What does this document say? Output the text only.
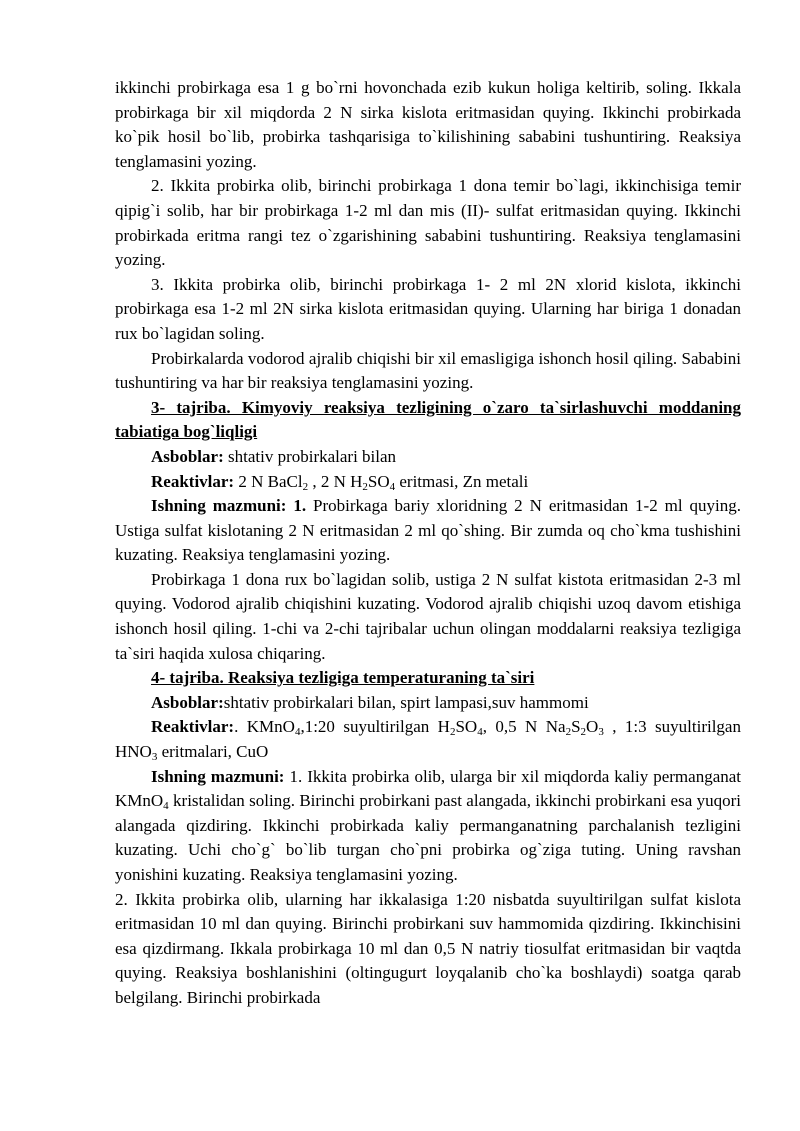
ikkinchi probirkaga esa 1 g bo`rni hovonchada ezib kukun holiga keltirib, soling. Ikkala probirkaga bir xil miqdorda 2 N sirka kislota eritmasidan quying. Ikkinchi probirkada ko`pik hosil bo`lib, probirka tashqarisiga to`kilishining sababini tushuntiring. Reaksiya tenglamasini yozing.

2. Ikkita probirka olib, birinchi probirkaga 1 dona temir bo`lagi, ikkinchisiga temir qipig`i solib, har bir probirkaga 1-2 ml dan mis (II)- sulfat eritmasidan quying. Ikkinchi probirkada eritma rangi tez o`zgarishining sababini tushuntiring. Reaksiya tenglamasini yozing.

3. Ikkita probirka olib, birinchi probirkaga 1- 2 ml 2N xlorid kislota, ikkinchi probirkaga esa 1-2 ml 2N sirka kislota eritmasidan quying. Ularning har biriga 1 donadan rux bo`lagidan soling.

Probirkalarda vodorod ajralib chiqishi bir xil emasligiga ishonch hosil qiling. Sababini tushuntiring va har bir reaksiya tenglamasini yozing.

3- tajriba. Kimyoviy reaksiya tezligining o`zaro ta`sirlashuvchi moddaning tabiatiga bog`liqligi

Asboblar: shtativ probirkalari bilan

Reaktivlar: 2 N BaCl$_2$ , 2 N $H_2SO_4$ eritmasi, Zn metali

Ishning mazmuni: 1. Probirkaga bariy xloridning 2 N eritmasidan 1-2 ml quying. Ustiga sulfat kislotaning 2 N eritmasidan 2 ml qo`shing. Bir zumda oq cho`kma tushishini kuzating. Reaksiya tenglamasini yozing.

Probirkaga 1 dona rux bo`lagidan solib, ustiga 2 N sulfat kistota eritmasidan 2-3 ml quying. Vodorod ajralib chiqishini kuzating. Vodorod ajralib chiqishi uzoq davom etishiga ishonch hosil qiling. 1-chi va 2-chi tajribalar uchun olingan moddalarni reaksiya tezligiga ta`siri haqida xulosa chiqaring.

4- tajriba. Reaksiya tezligiga temperaturaning ta`siri

Asboblar:shtativ probirkalari bilan, spirt lampasi,suv hammomi

Reaktivlar:. KMnO$_4$,1:20 suyultirilgan $H_2SO_4$, 0,5 N $Na_2S_2O_3$ , 1:3 suyultirilgan $HNO_3$ eritmalari, CuO

Ishning mazmuni: 1. Ikkita probirka olib, ularga bir xil miqdorda kaliy permanganat KMnO$_4$ kristalidan soling. Birinchi probirkani past alangada, ikkinchi probirkani esa yuqori alangada qizdiring. Ikkinchi probirkada kaliy permanganatning parchalanish tezligini kuzating. Uchi cho`g` bo`lib turgan cho`pni probirka og`ziga tuting. Uning ravshan yonishini kuzating. Reaksiya tenglamasini yozing.

2. Ikkita probirka olib, ularning har ikkalasiga 1:20 nisbatda suyultirilgan sulfat kislota eritmasidan 10 ml dan quying. Birinchi probirkani suv hammomida qizdiring. Ikkinchisini esa qizdirmang. Ikkala probirkaga 10 ml dan 0,5 N natriy tiosulfat eritmasidan bir vaqtda quying. Reaksiya boshlanishini (oltingugurt loyqalanib cho`ka boshlaydi) soatga qarab belgilang. Birinchi probirkada
